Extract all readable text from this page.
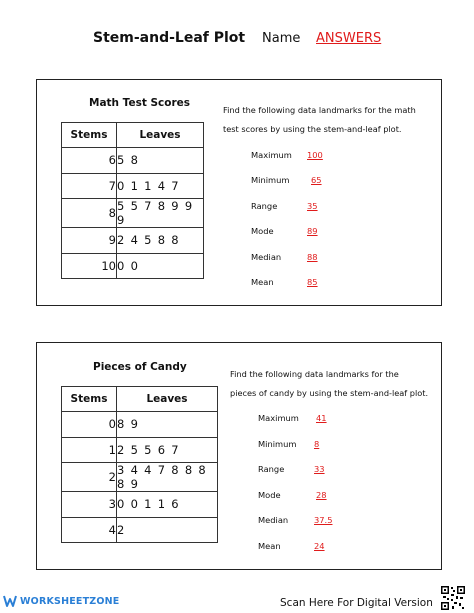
Stem-and-Leaf Plot Name ANSWERS
Math Test Scores
Stems	Leaves
6	5 8
7	0 1 1 4 7
8	5 5 7 8 9 9 9
9	2 4 5 8 8
10	0 0
Find the following data landmarks for the math
test scores by using the stem-and-leaf plot.
Maximum 100
Minimum	65
Range	35
Mode	89
Median	88
Mean	85
Pieces of Candy
Stems	Leaves
0	8 9
1	2 5 5 6 7
2	3 4 4 7 8 8 8 8 9
3	0 0 1 1 6
4	2
Find the following data landmarks for the
pieces of candy by using the stem-and-leaf plot.
Maximum 41
Minimum 8
Range	33
Mode	28
Median	37.5
Mean	24
WORKSHEETZONE	Scan Here For Digital Version
